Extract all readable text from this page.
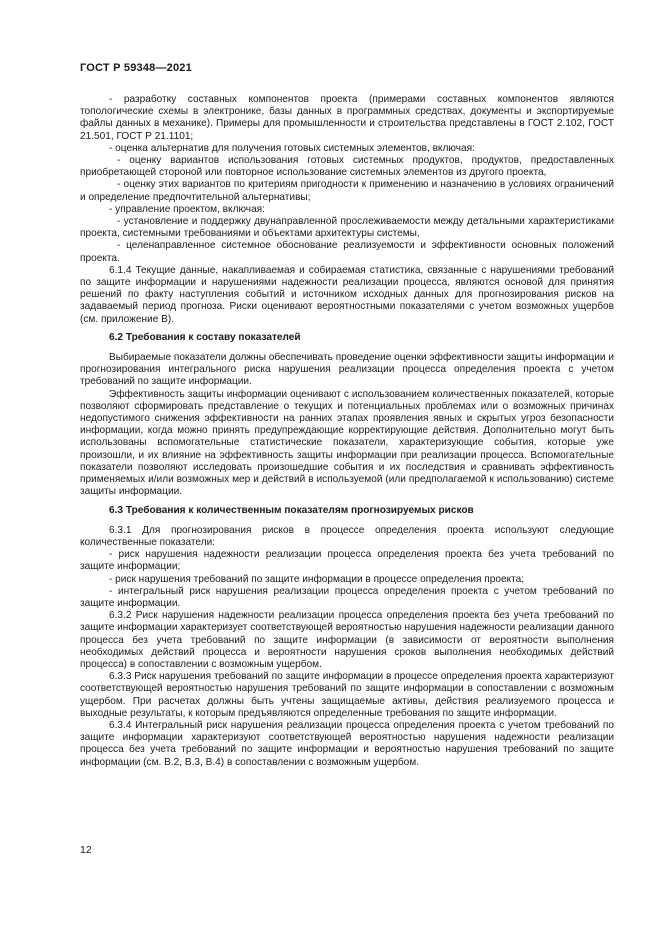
ГОСТ Р 59348—2021

- разработку составных компонентов проекта (примерами составных компонентов являются топологические схемы в электронике, базы данных в программных средствах, документы и экспортируемые файлы данных в механике). Примеры для промышленности и строительства представлены в ГОСТ 2.102, ГОСТ 21.501, ГОСТ Р 21.1101;

- оценка альтернатив для получения готовых системных элементов, включая:

- оценку вариантов использования готовых системных продуктов, продуктов, предоставленных приобретающей стороной или повторное использование системных элементов из другого проекта,

- оценку этих вариантов по критериям пригодности к применению и назначению в условиях ограничений и определение предпочтительной альтернативы;

- управление проектом, включая:

- установление и поддержку двунаправленной прослеживаемости между детальными характеристиками проекта, системными требованиями и объектами архитектуры системы,

- целенаправленное системное обоснование реализуемости и эффективности основных положений проекта.

6.1.4 Текущие данные, накапливаемая и собираемая статистика, связанные с нарушениями требований по защите информации и нарушениями надежности реализации процесса, являются основой для принятия решений по факту наступления событий и источником исходных данных для прогнозирования рисков на задаваемый период прогноза. Риски оценивают вероятностными показателями с учетом возможных ущербов (см. приложение В).

6.2 Требования к составу показателей

Выбираемые показатели должны обеспечивать проведение оценки эффективности защиты информации и прогнозирования интегрального риска нарушения реализации процесса определения проекта с учетом требований по защите информации.

Эффективность защиты информации оценивают с использованием количественных показателей, которые позволяют сформировать представление о текущих и потенциальных проблемах или о возможных причинах недопустимого снижения эффективности на ранних этапах проявления явных и скрытых угроз безопасности информации, когда можно принять предупреждающие корректирующие действия. Дополнительно могут быть использованы вспомогательные статистические показатели, характеризующие события, которые уже произошли, и их влияние на эффективность защиты информации при реализации процесса. Вспомогательные показатели позволяют исследовать произошедшие события и их последствия и сравнивать эффективность применяемых и/или возможных мер и действий в используемой (или предполагаемой к использованию) системе защиты информации.

6.3 Требования к количественным показателям прогнозируемых рисков

6.3.1 Для прогнозирования рисков в процессе определения проекта используют следующие количественные показатели:

- риск нарушения надежности реализации процесса определения проекта без учета требований по защите информации;

- риск нарушения требований по защите информации в процессе определения проекта;

- интегральный риск нарушения реализации процесса определения проекта с учетом требований по защите информации.

6.3.2 Риск нарушения надежности реализации процесса определения проекта без учета требований по защите информации характеризует соответствующей вероятностью нарушения надежности реализации данного процесса без учета требований по защите информации (в зависимости от вероятности выполнения необходимых действий процесса и вероятности нарушения сроков выполнения необходимых действий процесса) в сопоставлении с возможным ущербом.

6.3.3 Риск нарушения требований по защите информации в процессе определения проекта характеризуют соответствующей вероятностью нарушения требований по защите информации в сопоставлении с возможным ущербом. При расчетах должны быть учтены защищаемые активы, действия реализуемого процесса и выходные результаты, к которым предъявляются определенные требования по защите информации.

6.3.4 Интегральный риск нарушения реализации процесса определения проекта с учетом требований по защите информации характеризуют соответствующей вероятностью нарушения надежности реализации процесса без учета требований по защите информации и вероятностью нарушения требований по защите информации (см. В.2, В.3, В.4) в сопоставлении с возможным ущербом.

12
